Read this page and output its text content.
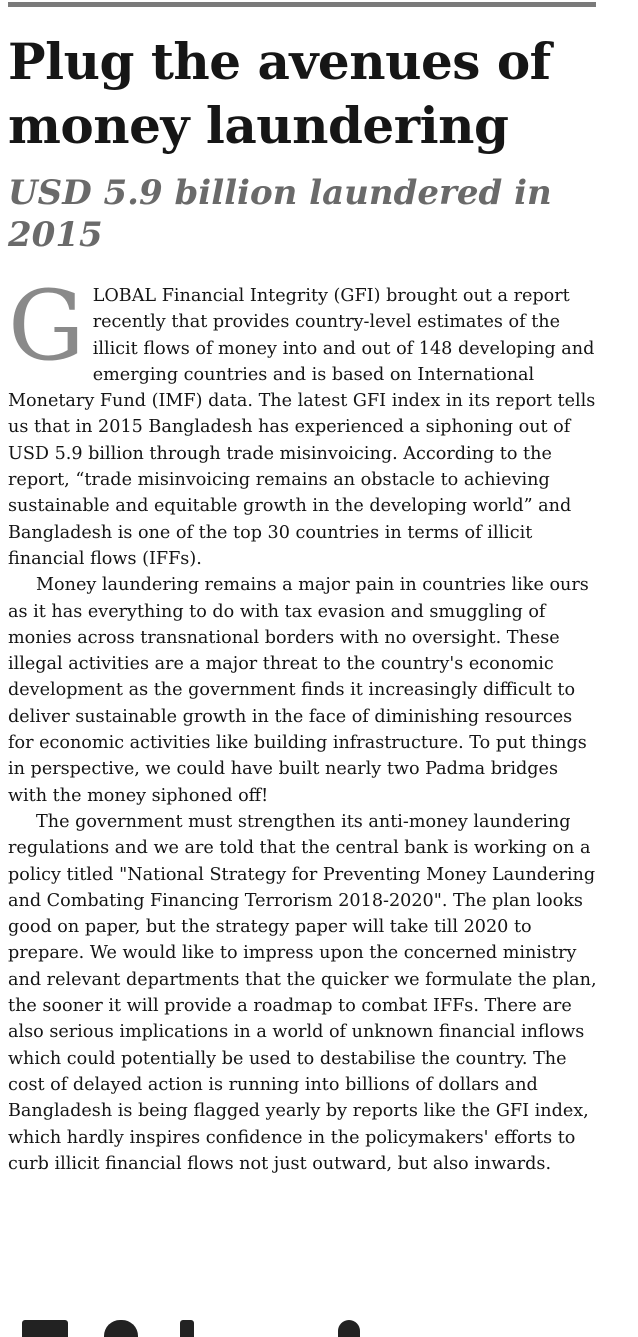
Plug the avenues of money laundering
USD 5.9 billion laundered in 2015

GLOBAL Financial Integrity (GFI) brought out a report recently that provides country-level estimates of the illicit flows of money into and out of 148 developing and emerging countries and is based on International Monetary Fund (IMF) data. The latest GFI index in its report tells us that in 2015 Bangladesh has experienced a siphoning out of USD 5.9 billion through trade misinvoicing. According to the report, “trade misinvoicing remains an obstacle to achieving sustainable and equitable growth in the developing world” and Bangladesh is one of the top 30 countries in terms of illicit financial flows (IFFs).

Money laundering remains a major pain in countries like ours as it has everything to do with tax evasion and smuggling of monies across transnational borders with no oversight. These illegal activities are a major threat to the country's economic development as the government finds it increasingly difficult to deliver sustainable growth in the face of diminishing resources for economic activities like building infrastructure. To put things in perspective, we could have built nearly two Padma bridges with the money siphoned off!

The government must strengthen its anti-money laundering regulations and we are told that the central bank is working on a policy titled "National Strategy for Preventing Money Laundering and Combating Financing Terrorism 2018-2020". The plan looks good on paper, but the strategy paper will take till 2020 to prepare. We would like to impress upon the concerned ministry and relevant departments that the quicker we formulate the plan, the sooner it will provide a roadmap to combat IFFs. There are also serious implications in a world of unknown financial inflows which could potentially be used to destabilise the country. The cost of delayed action is running into billions of dollars and Bangladesh is being flagged yearly by reports like the GFI index, which hardly inspires confidence in the policymakers' efforts to curb illicit financial flows not just outward, but also inwards.
